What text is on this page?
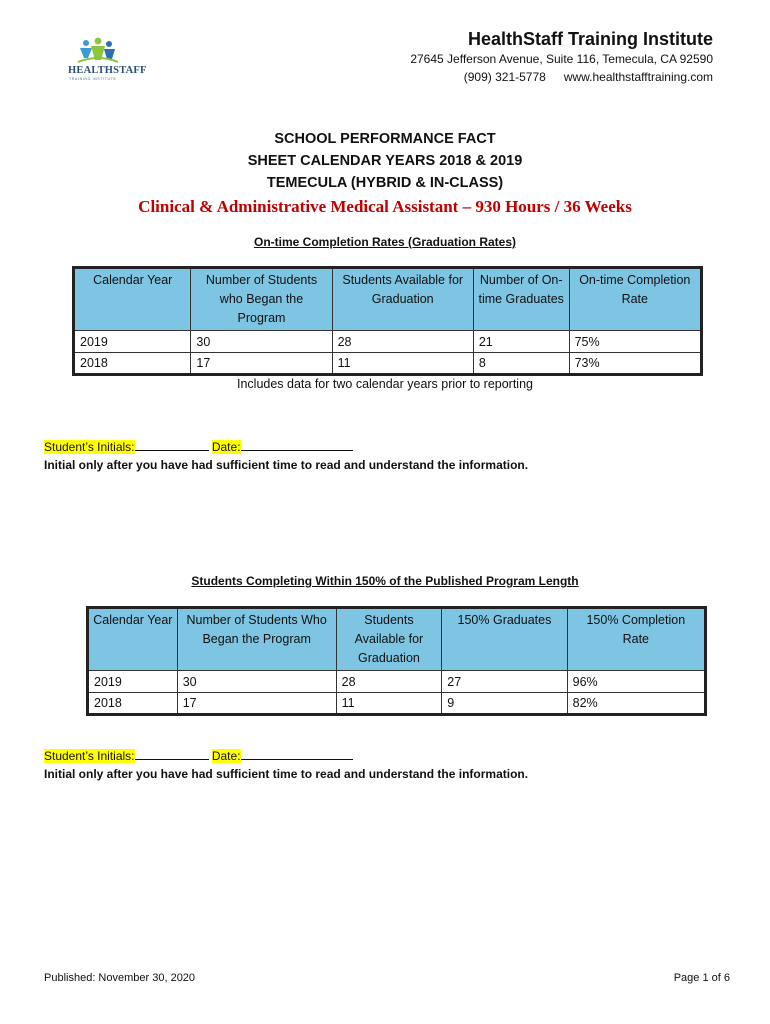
HEALTHSTAFF
TRAINING INSTITUTE
HealthStaff Training Institute
27645 Jefferson Avenue, Suite 116, Temecula, CA 92590
(909) 321-5778 www.healthstafftraining.com
SCHOOL PERFORMANCE FACT
SHEET CALENDAR YEARS 2018 & 2019
TEMECULA (HYBRID & IN-CLASS)
Clinical & Administrative Medical Assistant – 930 Hours / 36 Weeks
On-time Completion Rates (Graduation Rates)
Calendar Year	Number of Students who Began the Program	Students Available for Graduation	Number of On-time Graduates	On-time Completion Rate
2019	30	28	21	75%
2018	17	11	8	73%
Includes data for two calendar years prior to reporting
Student’s Initials:	Date:
Initial only after you have had sufficient time to read and understand the information.
Students Completing Within 150% of the Published Program Length
Calendar Year	Number of Students Who Began the Program	Students Available for Graduation	150% Graduates	150% Completion Rate
2019	30	28	27	96%
2018	17	11	9	82%
Student’s Initials:	Date:
Initial only after you have had sufficient time to read and understand the information.
Published: November 30, 2020	Page 1 of 6
